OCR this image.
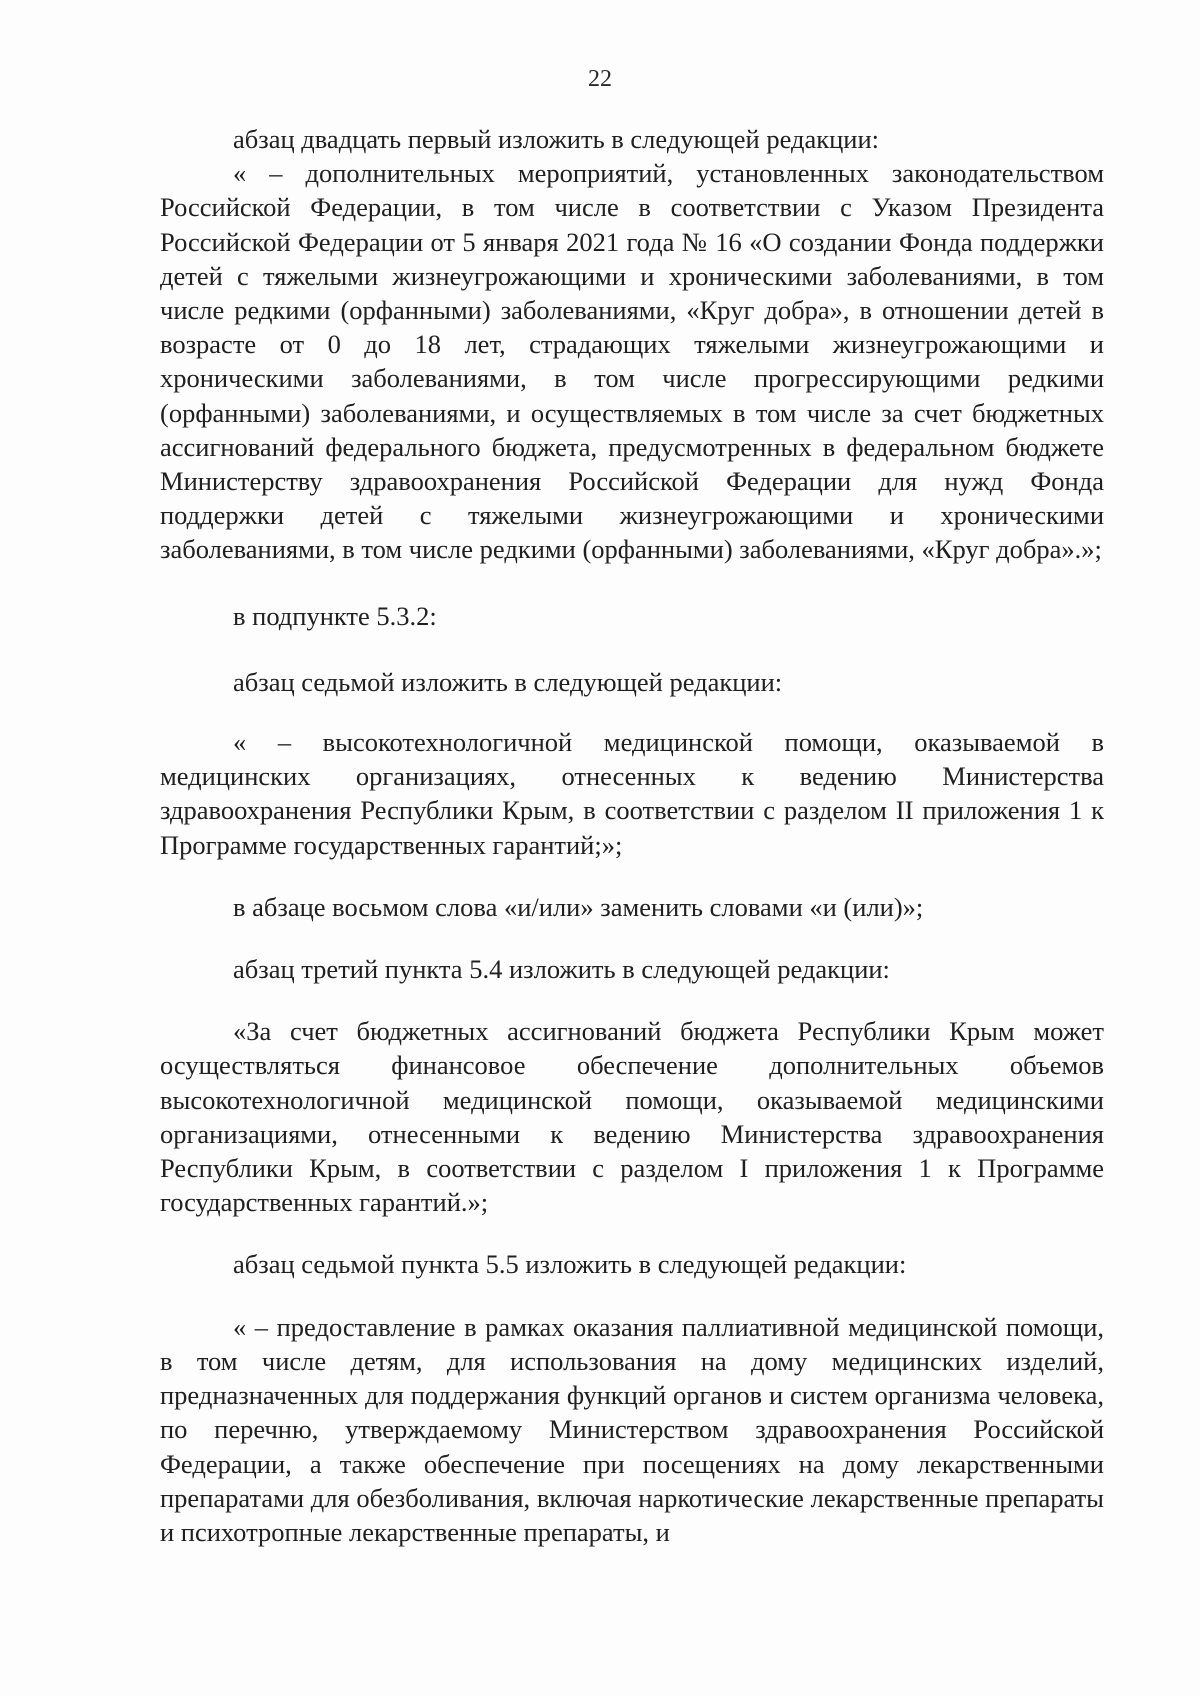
22

абзац двадцать первый изложить в следующей редакции:

« – дополнительных мероприятий, установленных законодательством Российской Федерации, в том числе в соответствии с Указом Президента Российской Федерации от 5 января 2021 года № 16 «О создании Фонда поддержки детей с тяжелыми жизнеугрожающими и хроническими заболеваниями, в том числе редкими (орфанными) заболеваниями, «Круг добра», в отношении детей в возрасте от 0 до 18 лет, страдающих тяжелыми жизнеугрожающими и хроническими заболеваниями, в том числе прогрессирующими редкими (орфанными) заболеваниями, и осуществляемых в том числе за счет бюджетных ассигнований федерального бюджета, предусмотренных в федеральном бюджете Министерству здравоохранения Российской Федерации для нужд Фонда поддержки детей с тяжелыми жизнеугрожающими и хроническими заболеваниями, в том числе редкими (орфанными) заболеваниями, «Круг добра».»;

в подпункте 5.3.2:

абзац седьмой изложить в следующей редакции:

« – высокотехнологичной медицинской помощи, оказываемой в медицинских организациях, отнесенных к ведению Министерства здравоохранения Республики Крым, в соответствии с разделом II приложения 1 к Программе государственных гарантий;»;

в абзаце восьмом слова «и/или» заменить словами «и (или)»;

абзац третий пункта 5.4 изложить в следующей редакции:

«За счет бюджетных ассигнований бюджета Республики Крым может осуществляться финансовое обеспечение дополнительных объемов высокотехнологичной медицинской помощи, оказываемой медицинскими организациями, отнесенными к ведению Министерства здравоохранения Республики Крым, в соответствии с разделом I приложения 1 к Программе государственных гарантий.»;

абзац седьмой пункта 5.5 изложить в следующей редакции:

« – предоставление в рамках оказания паллиативной медицинской помощи, в том числе детям, для использования на дому медицинских изделий, предназначенных для поддержания функций органов и систем организма человека, по перечню, утверждаемому Министерством здравоохранения Российской Федерации, а также обеспечение при посещениях на дому лекарственными препаратами для обезболивания, включая наркотические лекарственные препараты и психотропные лекарственные препараты, и
